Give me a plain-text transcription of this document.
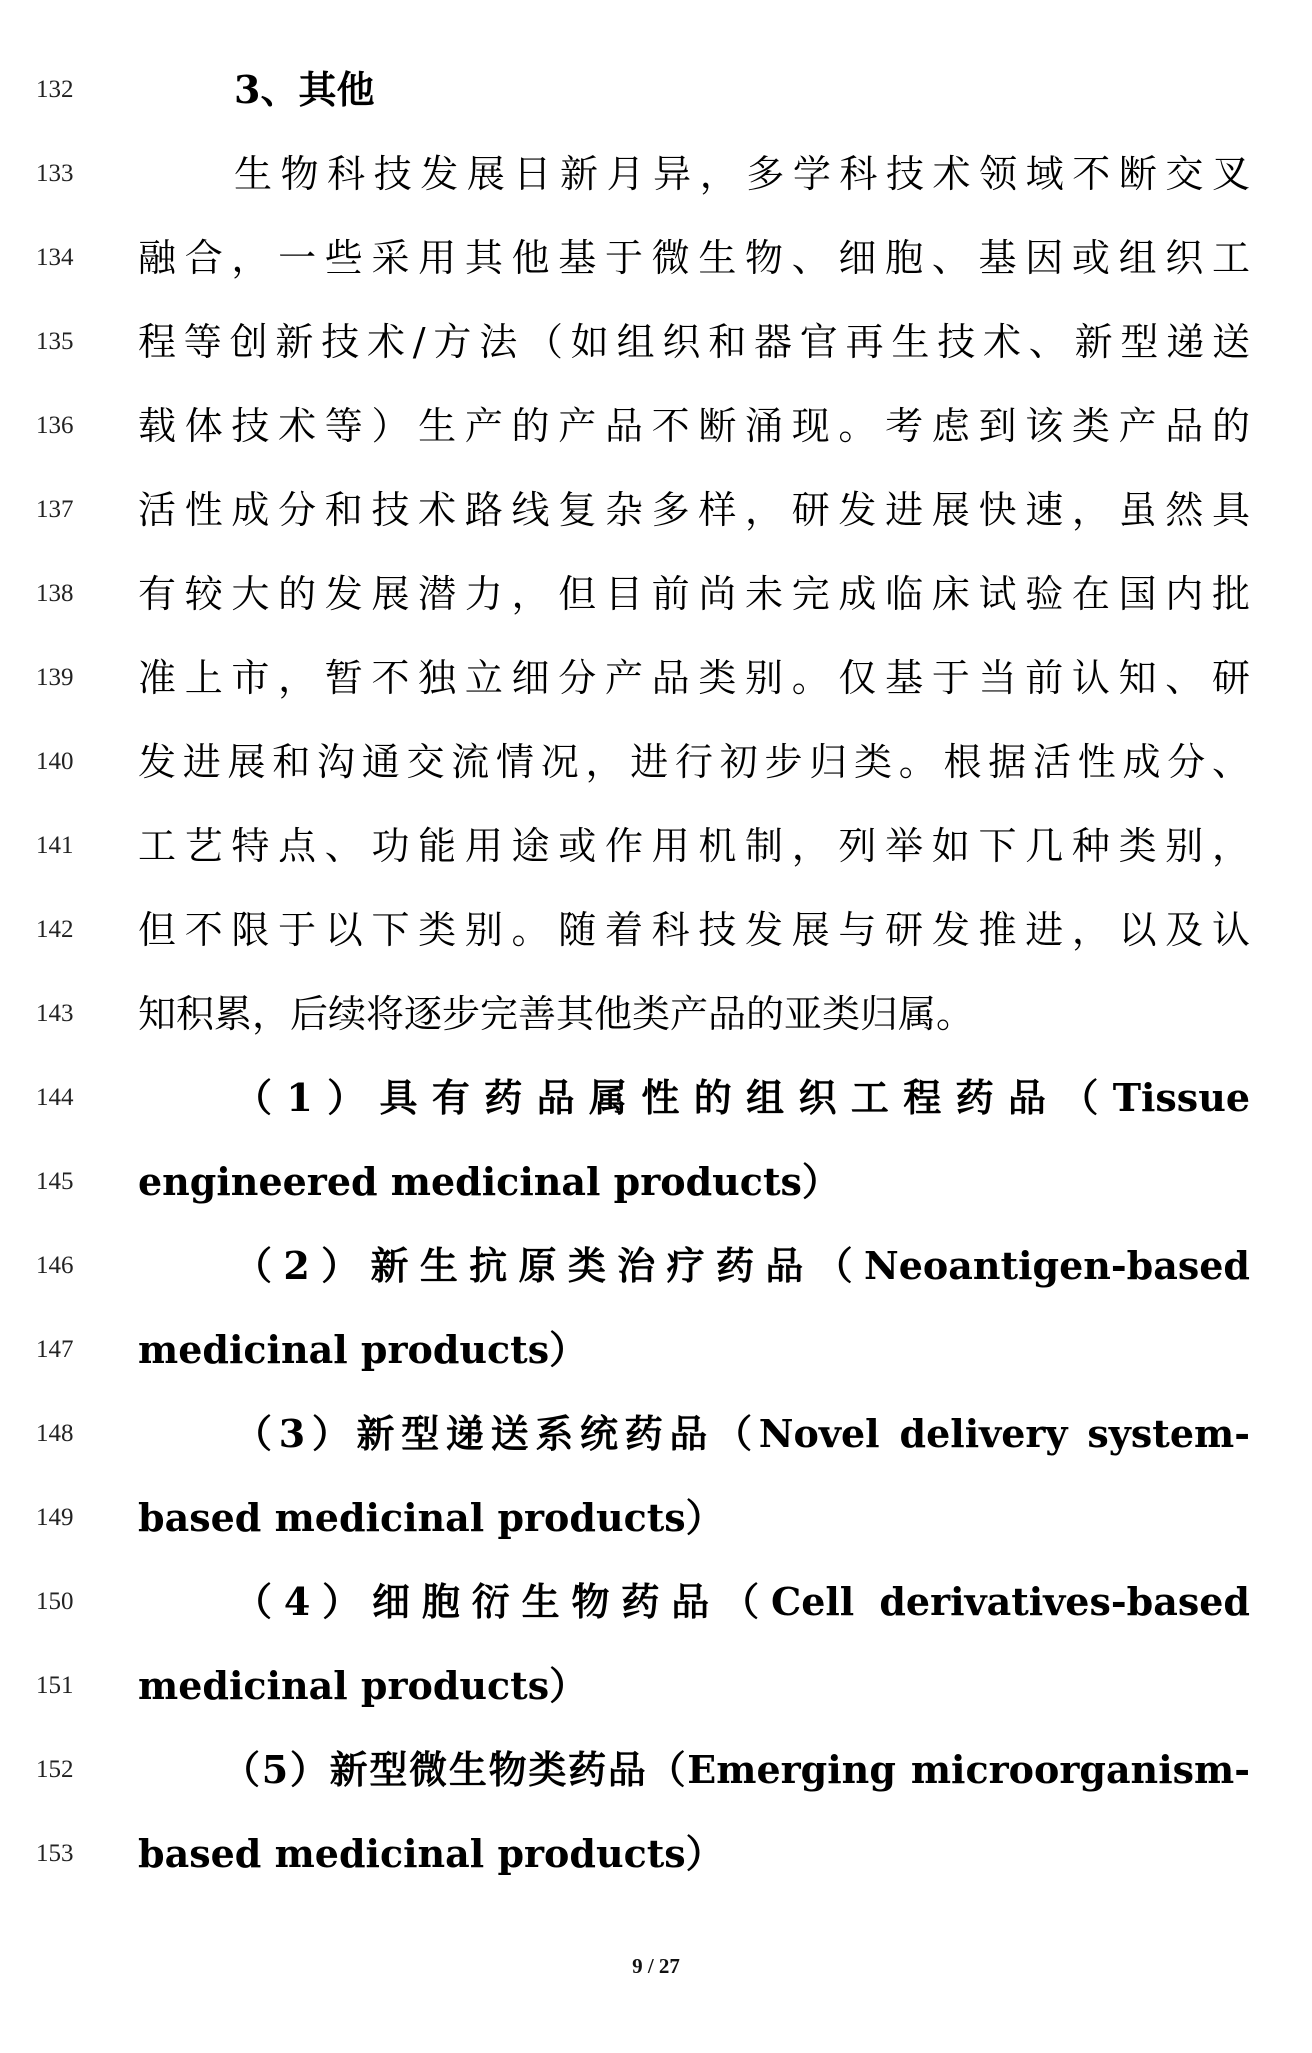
132	3、其他
133	生物科技发展日新月异，多学科技术领域不断交叉
134	融合，一些采用其他基于微生物、细胞、基因或组织工
135	程等创新技术/方法（如组织和器官再生技术、新型递送
136	载体技术等）生产的产品不断涌现。考虑到该类产品的
137	活性成分和技术路线复杂多样，研发进展快速，虽然具
138	有较大的发展潜力，但目前尚未完成临床试验在国内批
139	准上市，暂不独立细分产品类别。仅基于当前认知、研
140	发进展和沟通交流情况，进行初步归类。根据活性成分、
141	工艺特点、功能用途或作用机制，列举如下几种类别，
142	但不限于以下类别。随着科技发展与研发推进，以及认
143	知积累，后续将逐步完善其他类产品的亚类归属。
144	（1）具有药品属性的组织工程药品（Tissue
145	engineered medicinal products）
146	（2）新生抗原类治疗药品（Neoantigen-based
147	medicinal products）
148	（3）新型递送系统药品（Novel delivery system-
149	based medicinal products）
150	（4）细胞衍生物药品（Cell derivatives-based
151	medicinal products）
152	（5）新型微生物类药品（Emerging microorganism-
153	based medicinal products）
9 / 27
